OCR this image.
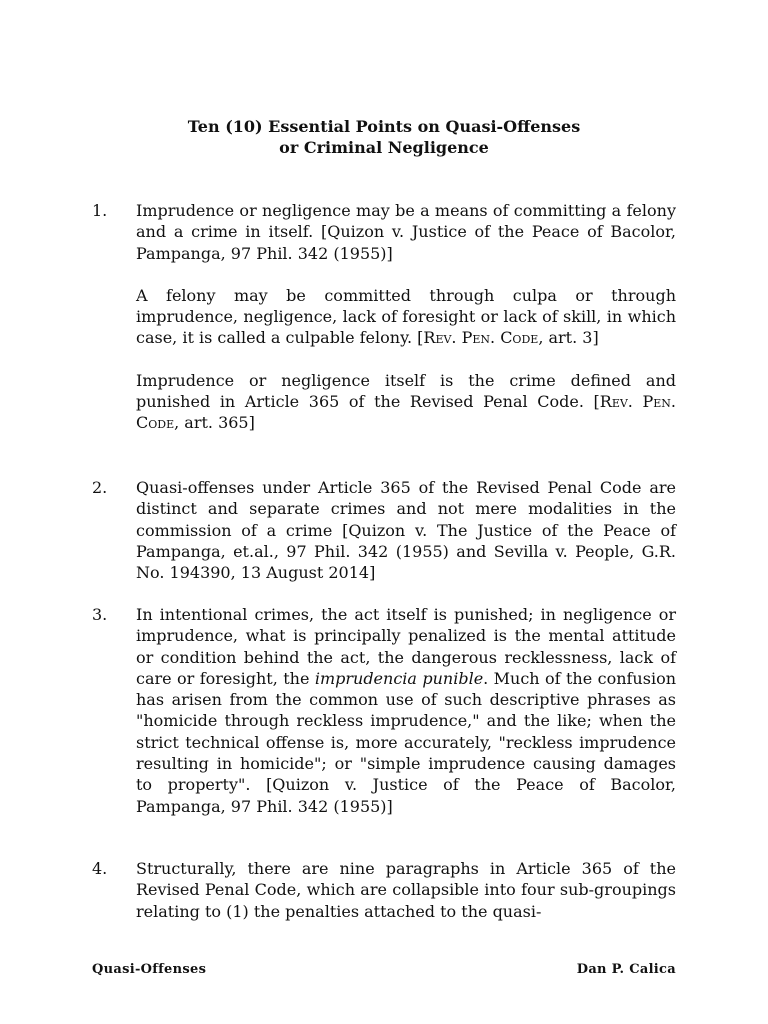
Ten (10) Essential Points on Quasi-Offenses
or Criminal Negligence
1. Imprudence or negligence may be a means of committing a felony and a crime in itself. [Quizon v. Justice of the Peace of Bacolor, Pampanga, 97 Phil. 342 (1955)]

A felony may be committed through culpa or through imprudence, negligence, lack of foresight or lack of skill, in which case, it is called a culpable felony. [Rev. Pen. Code, art. 3]

Imprudence or negligence itself is the crime defined and punished in Article 365 of the Revised Penal Code. [Rev. Pen. Code, art. 365]

2. Quasi-offenses under Article 365 of the Revised Penal Code are distinct and separate crimes and not mere modalities in the commission of a crime [Quizon v. The Justice of the Peace of Pampanga, et.al., 97 Phil. 342 (1955) and Sevilla v. People, G.R. No. 194390, 13 August 2014]

3. In intentional crimes, the act itself is punished; in negligence or imprudence, what is principally penalized is the mental attitude or condition behind the act, the dangerous recklessness, lack of care or foresight, the imprudencia punible. Much of the confusion has arisen from the common use of such descriptive phrases as "homicide through reckless imprudence," and the like; when the strict technical offense is, more accurately, "reckless imprudence resulting in homicide"; or "simple imprudence causing damages to property". [Quizon v. Justice of the Peace of Bacolor, Pampanga, 97 Phil. 342 (1955)]

4. Structurally, there are nine paragraphs in Article 365 of the Revised Penal Code, which are collapsible into four sub-groupings relating to (1) the penalties attached to the quasi-

Quasi-Offenses	Dan P. Calica
